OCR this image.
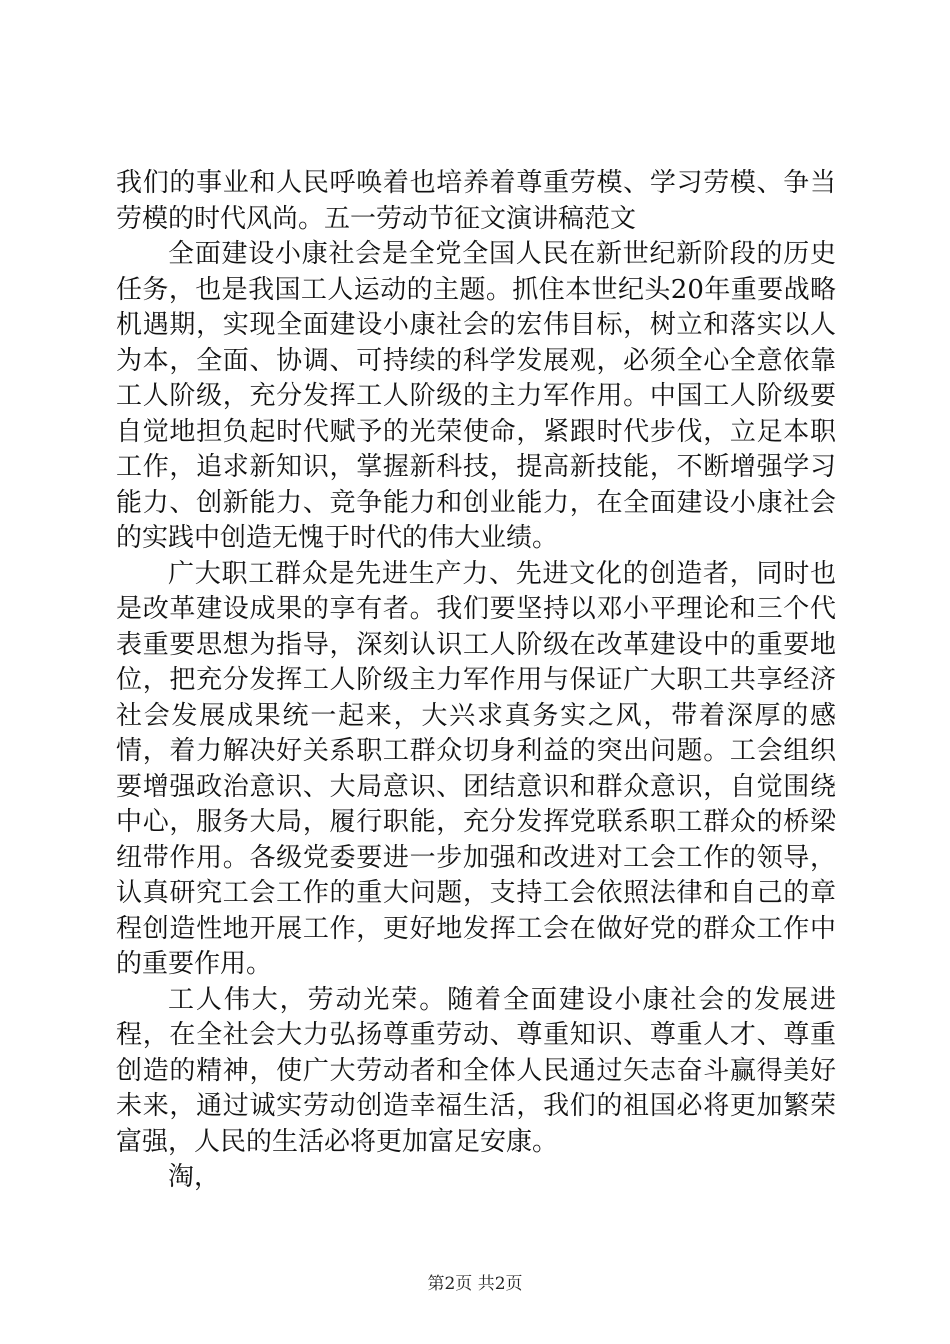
我们的事业和人民呼唤着也培养着尊重劳模、学习劳模、争当劳模的时代风尚。五一劳动节征文演讲稿范文

全面建设小康社会是全党全国人民在新世纪新阶段的历史任务，也是我国工人运动的主题。抓住本世纪头20年重要战略机遇期，实现全面建设小康社会的宏伟目标，树立和落实以人为本，全面、协调、可持续的科学发展观，必须全心全意依靠工人阶级，充分发挥工人阶级的主力军作用。中国工人阶级要自觉地担负起时代赋予的光荣使命，紧跟时代步伐，立足本职工作，追求新知识，掌握新科技，提高新技能，不断增强学习能力、创新能力、竞争能力和创业能力，在全面建设小康社会的实践中创造无愧于时代的伟大业绩。

广大职工群众是先进生产力、先进文化的创造者，同时也是改革建设成果的享有者。我们要坚持以邓小平理论和三个代表重要思想为指导，深刻认识工人阶级在改革建设中的重要地位，把充分发挥工人阶级主力军作用与保证广大职工共享经济社会发展成果统一起来，大兴求真务实之风，带着深厚的感情，着力解决好关系职工群众切身利益的突出问题。工会组织要增强政治意识、大局意识、团结意识和群众意识，自觉围绕中心，服务大局，履行职能，充分发挥党联系职工群众的桥梁纽带作用。各级党委要进一步加强和改进对工会工作的领导，认真研究工会工作的重大问题，支持工会依照法律和自己的章程创造性地开展工作，更好地发挥工会在做好党的群众工作中的重要作用。

工人伟大，劳动光荣。随着全面建设小康社会的发展进程，在全社会大力弘扬尊重劳动、尊重知识、尊重人才、尊重创造的精神，使广大劳动者和全体人民通过矢志奋斗赢得美好未来，通过诚实劳动创造幸福生活，我们的祖国必将更加繁荣富强，人民的生活必将更加富足安康。

淘，

第2页 共2页
